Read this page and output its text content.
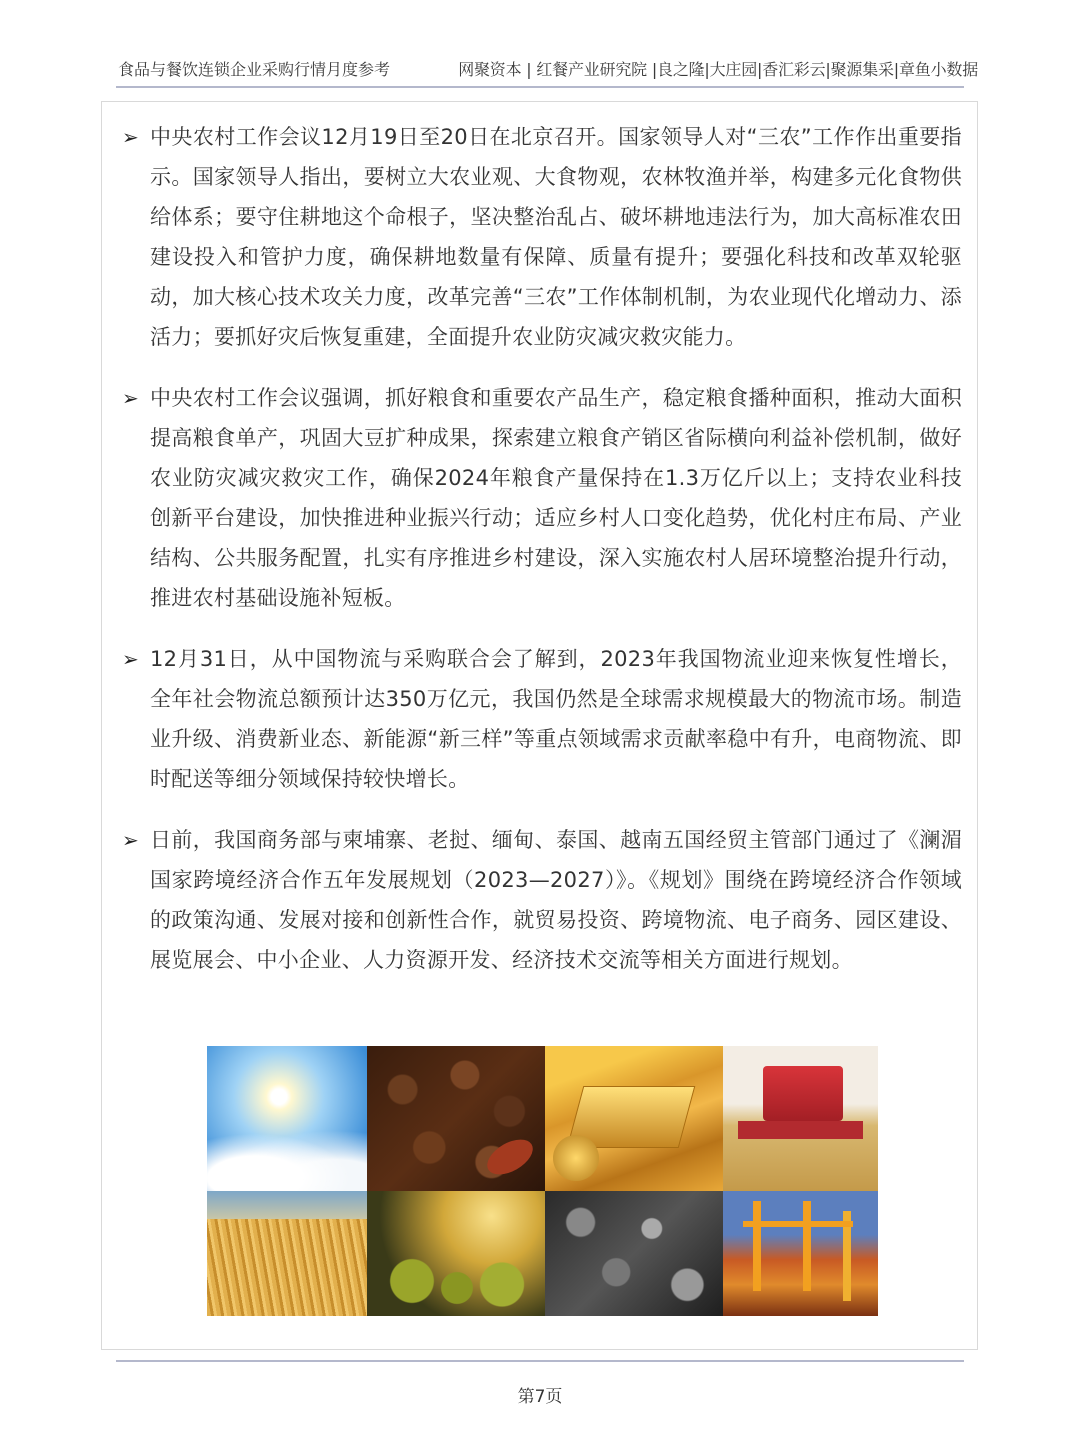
食品与餐饮连锁企业采购行情月度参考	网聚资本 | 红餐产业研究院 |良之隆|大庄园|香汇彩云|聚源集采|章鱼小数据
➢ 中央农村工作会议12月19日至20日在北京召开。国家领导人对“三农”工作作出重要指示。国家领导人指出，要树立大农业观、大食物观，农林牧渔并举，构建多元化食物供给体系；要守住耕地这个命根子，坚决整治乱占、破坏耕地违法行为，加大高标准农田建设投入和管护力度，确保耕地数量有保障、质量有提升；要强化科技和改革双轮驱动，加大核心技术攻关力度，改革完善“三农”工作体制机制，为农业现代化增动力、添活力；要抓好灾后恢复重建，全面提升农业防灾减灾救灾能力。
➢ 中央农村工作会议强调，抓好粮食和重要农产品生产，稳定粮食播种面积，推动大面积提高粮食单产，巩固大豆扩种成果，探索建立粮食产销区省际横向利益补偿机制，做好农业防灾减灾救灾工作，确保2024年粮食产量保持在1.3万亿斤以上；支持农业科技创新平台建设，加快推进种业振兴行动；适应乡村人口变化趋势，优化村庄布局、产业结构、公共服务配置，扎实有序推进乡村建设，深入实施农村人居环境整治提升行动，推进农村基础设施补短板。
➢ 12月31日，从中国物流与采购联合会了解到，2023年我国物流业迎来恢复性增长，全年社会物流总额预计达350万亿元，我国仍然是全球需求规模最大的物流市场。制造业升级、消费新业态、新能源“新三样”等重点领域需求贡献率稳中有升，电商物流、即时配送等细分领域保持较快增长。
➢ 日前，我国商务部与柬埔寨、老挝、缅甸、泰国、越南五国经贸主管部门通过了《澜湄国家跨境经济合作五年发展规划（2023—2027）》。《规划》围绕在跨境经济合作领域的政策沟通、发展对接和创新性合作，就贸易投资、跨境物流、电子商务、园区建设、展览展会、中小企业、人力资源开发、经济技术交流等相关方面进行规划。
第7页
